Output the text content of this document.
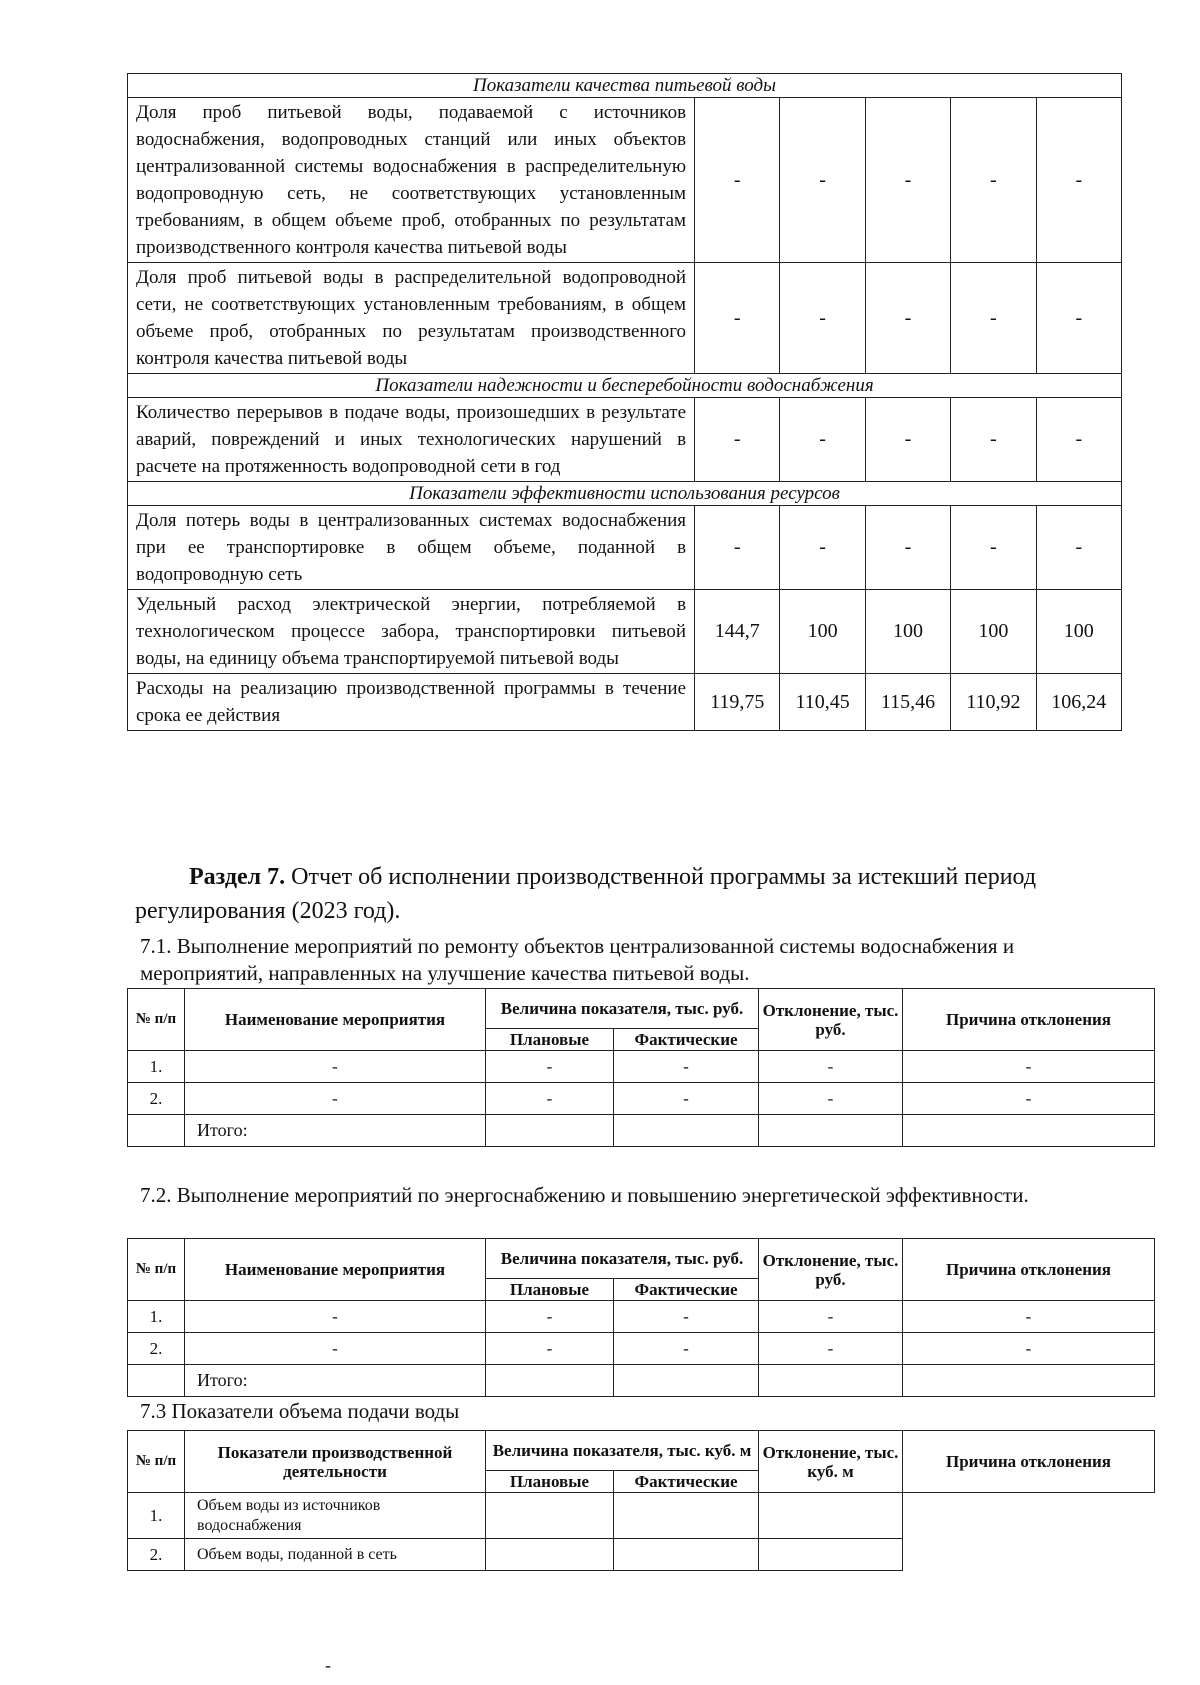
Показатели качества питьевой воды					
Доля проб питьевой воды, подаваемой с источников водоснабжения, водопроводных станций или иных объектов централизованной системы водоснабжения в распределительную водопроводную сеть, не соответствующих установленным требованиям, в общем объеме проб, отобранных по результатам производственного контроля качества питьевой воды	-	-	-	-	-
Доля проб питьевой воды в распределительной водопроводной сети, не соответствующих установленным требованиям, в общем объеме проб, отобранных по результатам производственного контроля качества питьевой воды	-	-	-	-	-
Показатели надежности и бесперебойности водоснабжения					
Количество перерывов в подаче воды, произошедших в результате аварий, повреждений и иных технологических нарушений в расчете на протяженность водопроводной сети в год	-	-	-	-	-
Показатели эффективности использования ресурсов					
Доля потерь воды в централизованных системах водоснабжения при ее транспортировке в общем объеме, поданной в водопроводную сеть	-	-	-	-	-
Удельный расход электрической энергии, потребляемой в технологическом процессе забора, транспортировки питьевой воды, на единицу объема транспортируемой питьевой воды	144,7	100	100	100	100
Расходы на реализацию производственной программы в течение срока ее действия	119,75	110,45	115,46	110,92	106,24
Раздел 7. Отчет об исполнении производственной программы за истекший период регулирования (2023 год).
7.1. Выполнение мероприятий по ремонту объектов централизованной системы водоснабжения и мероприятий, направленных на улучшение качества питьевой воды.
№ п/п	Наименование мероприятия	Величина показателя, тыс. руб.		Отклонение, тыс. руб.	Причина отклонения
		Плановые	Фактические		
1.	-	-	-	-	-
2.	-	-	-	-	-
	Итого:				
7.2. Выполнение мероприятий по энергоснабжению и повышению энергетической эффективности.
№ п/п	Наименование мероприятия	Величина показателя, тыс. руб.		Отклонение, тыс. руб.	Причина отклонения
		Плановые	Фактические		
1.	-	-	-	-	-
2.	-	-	-	-	-
	Итого:				
7.3 Показатели объема подачи воды
№ п/п	Показатели производственной деятельности	Величина показателя, тыс. куб. м		Отклонение, тыс. куб. м	Причина отклонения
		Плановые	Фактические		
1.	Объем воды из источников водоснабжения				
2.	Объем воды, поданной в сеть				
-
